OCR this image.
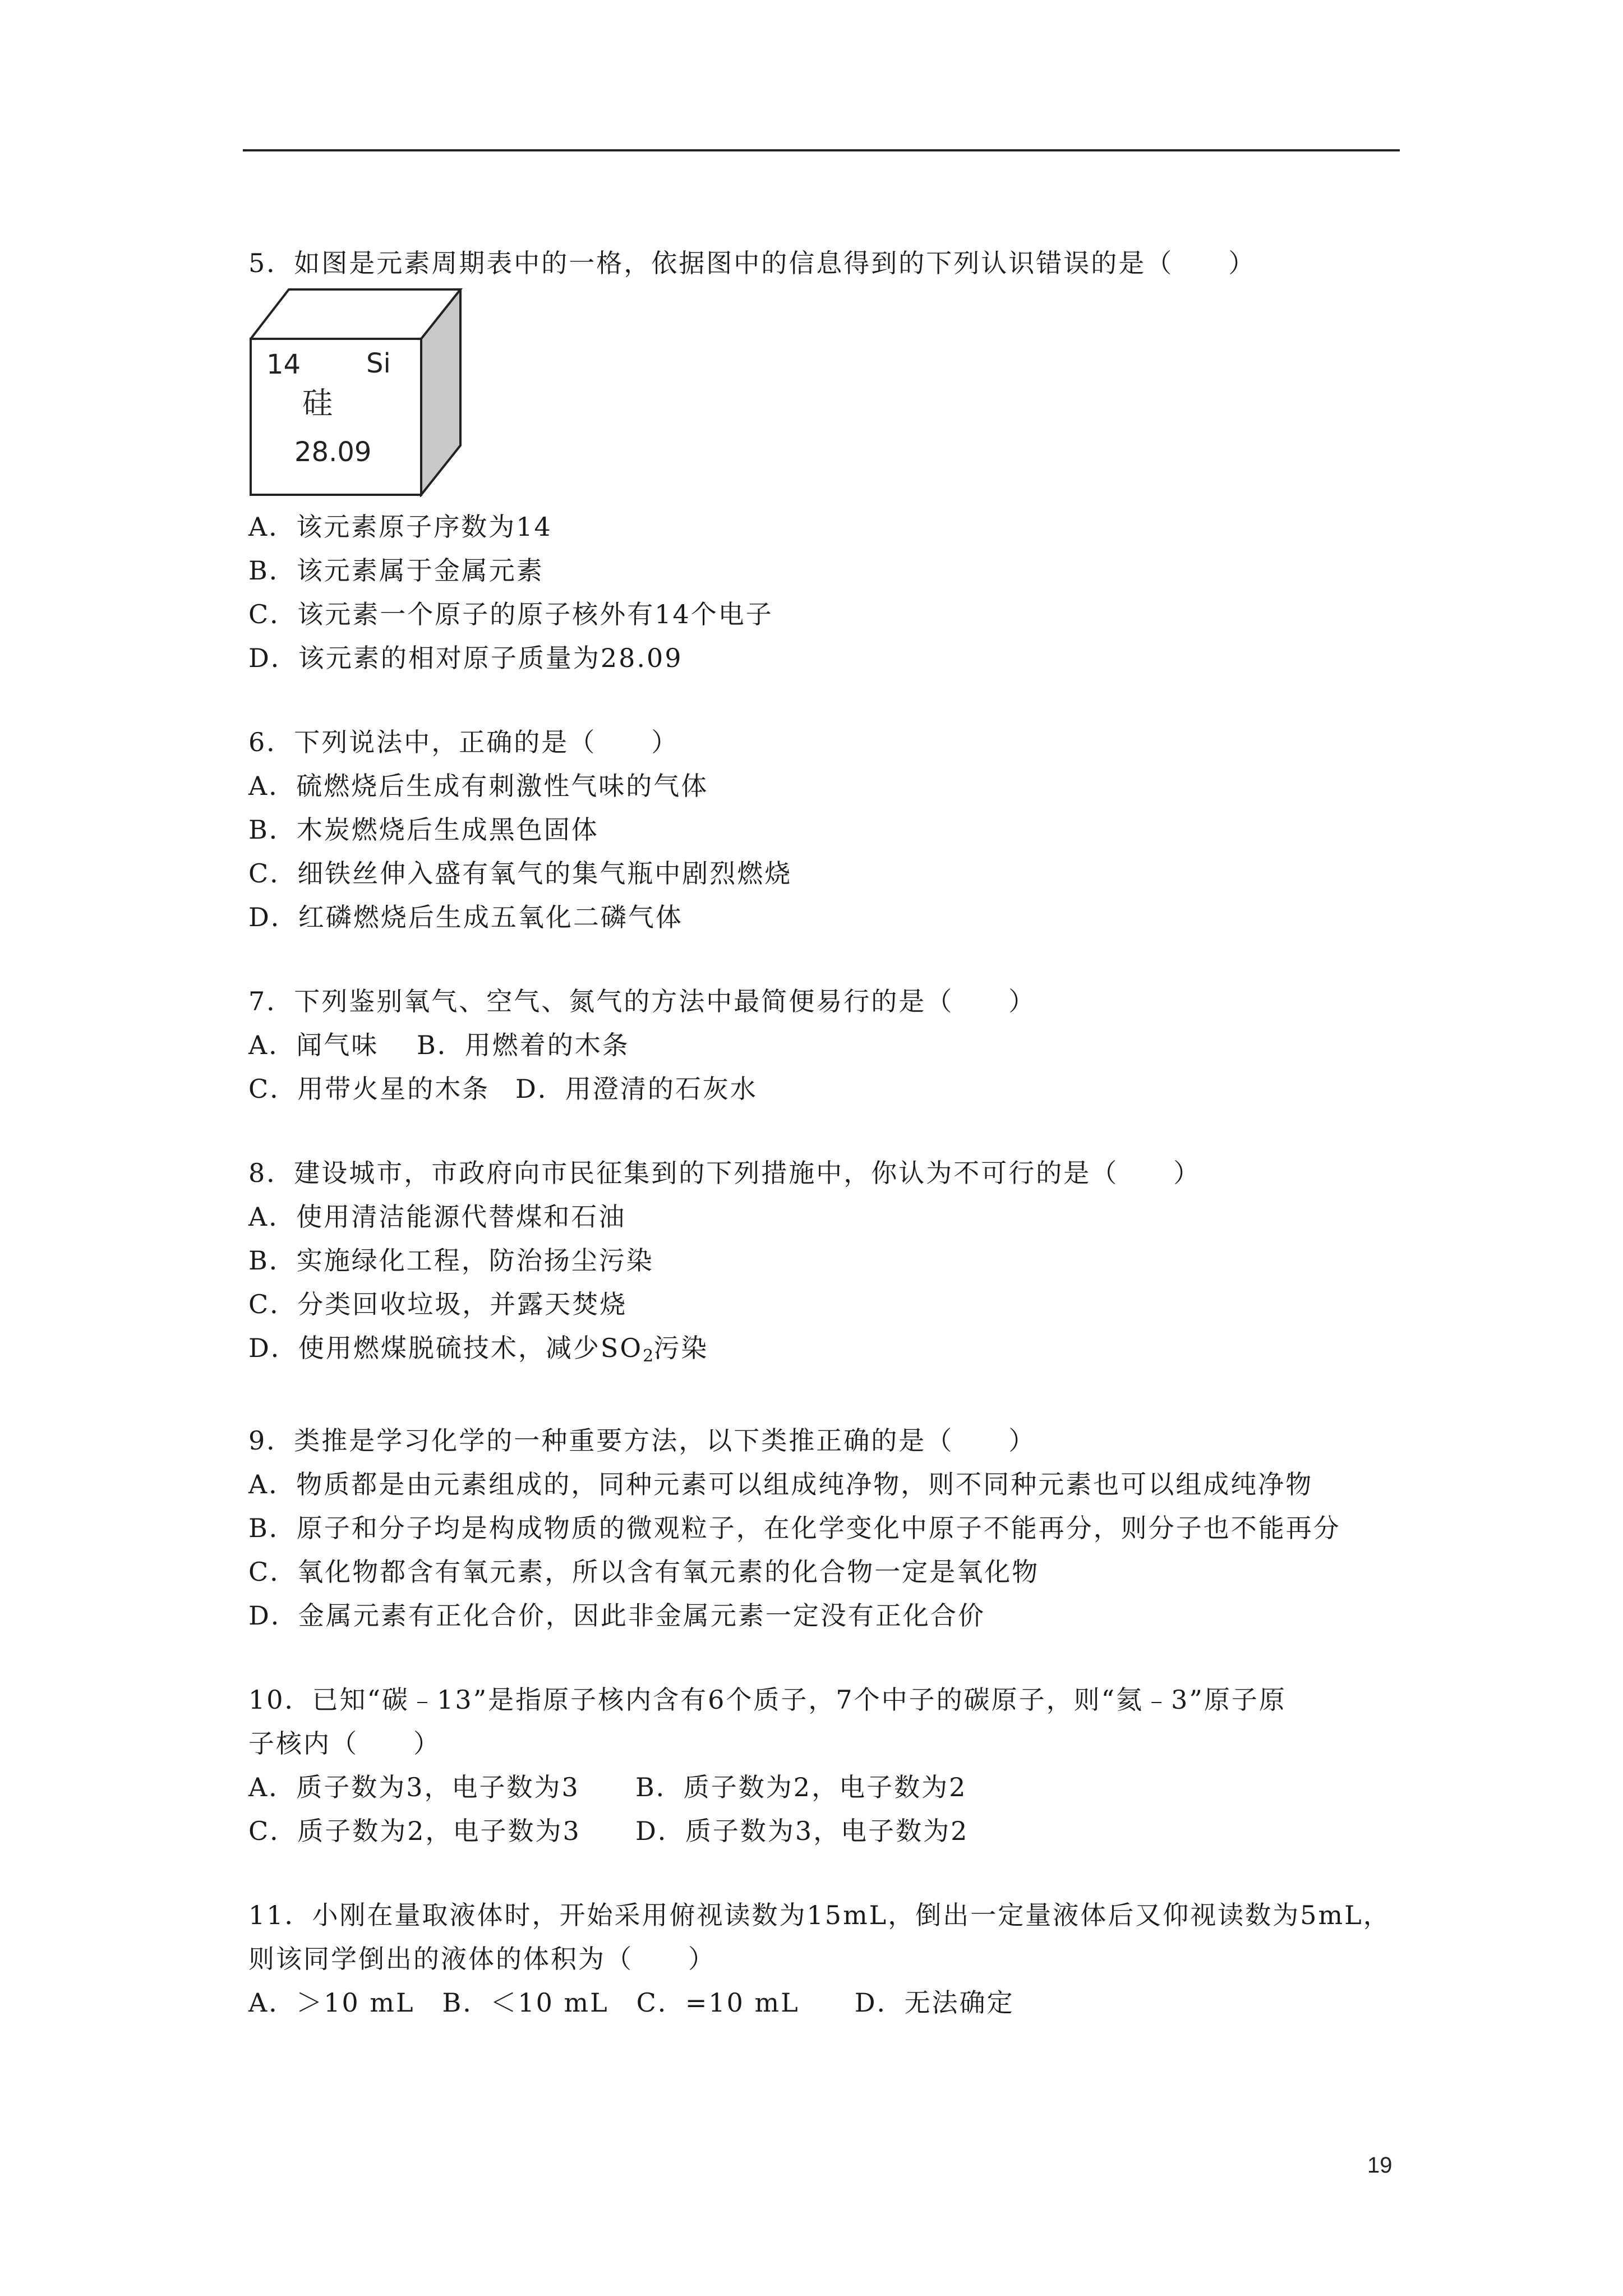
5．如图是元素周期表中的一格，依据图中的信息得到的下列认识错误的是（　　）
14 Si
硅
28.09
A．该元素原子序数为14
B．该元素属于金属元素
C．该元素一个原子的原子核外有14个电子
D．该元素的相对原子质量为28.09
6．下列说法中，正确的是（　　）
A．硫燃烧后生成有刺激性气味的气体
B．木炭燃烧后生成黑色固体
C．细铁丝伸入盛有氧气的集气瓶中剧烈燃烧
D．红磷燃烧后生成五氧化二磷气体
7．下列鉴别氧气、空气、氮气的方法中最简便易行的是（　　）
A．闻气味	B．用燃着的木条
C．用带火星的木条 D．用澄清的石灰水
8．建设城市，市政府向市民征集到的下列措施中，你认为不可行的是（　　）
A．使用清洁能源代替煤和石油
B．实施绿化工程，防治扬尘污染
C．分类回收垃圾，并露天焚烧
D．使用燃煤脱硫技术，减少$SO_2$污染
9．类推是学习化学的一种重要方法，以下类推正确的是（　　）
A．物质都是由元素组成的，同种元素可以组成纯净物，则不同种元素也可以组成纯净物
B．原子和分子均是构成物质的微观粒子，在化学变化中原子不能再分，则分子也不能再分
C．氧化物都含有氧元素，所以含有氧元素的化合物一定是氧化物
D．金属元素有正化合价，因此非金属元素一定没有正化合价
10．已知“碳﹣13”是指原子核内含有6个质子，7个中子的碳原子，则“氦﹣3”原子原
子核内（　　）
A．质子数为3，电子数为3	B．质子数为2，电子数为2
C．质子数为2，电子数为3	D．质子数为3，电子数为2
11．小刚在量取液体时，开始采用俯视读数为15mL，倒出一定量液体后又仰视读数为5mL，
则该同学倒出的液体的体积为（　　）
A．＞10 mL　B．＜10 mL　C．=10 mL　　D．无法确定
19
